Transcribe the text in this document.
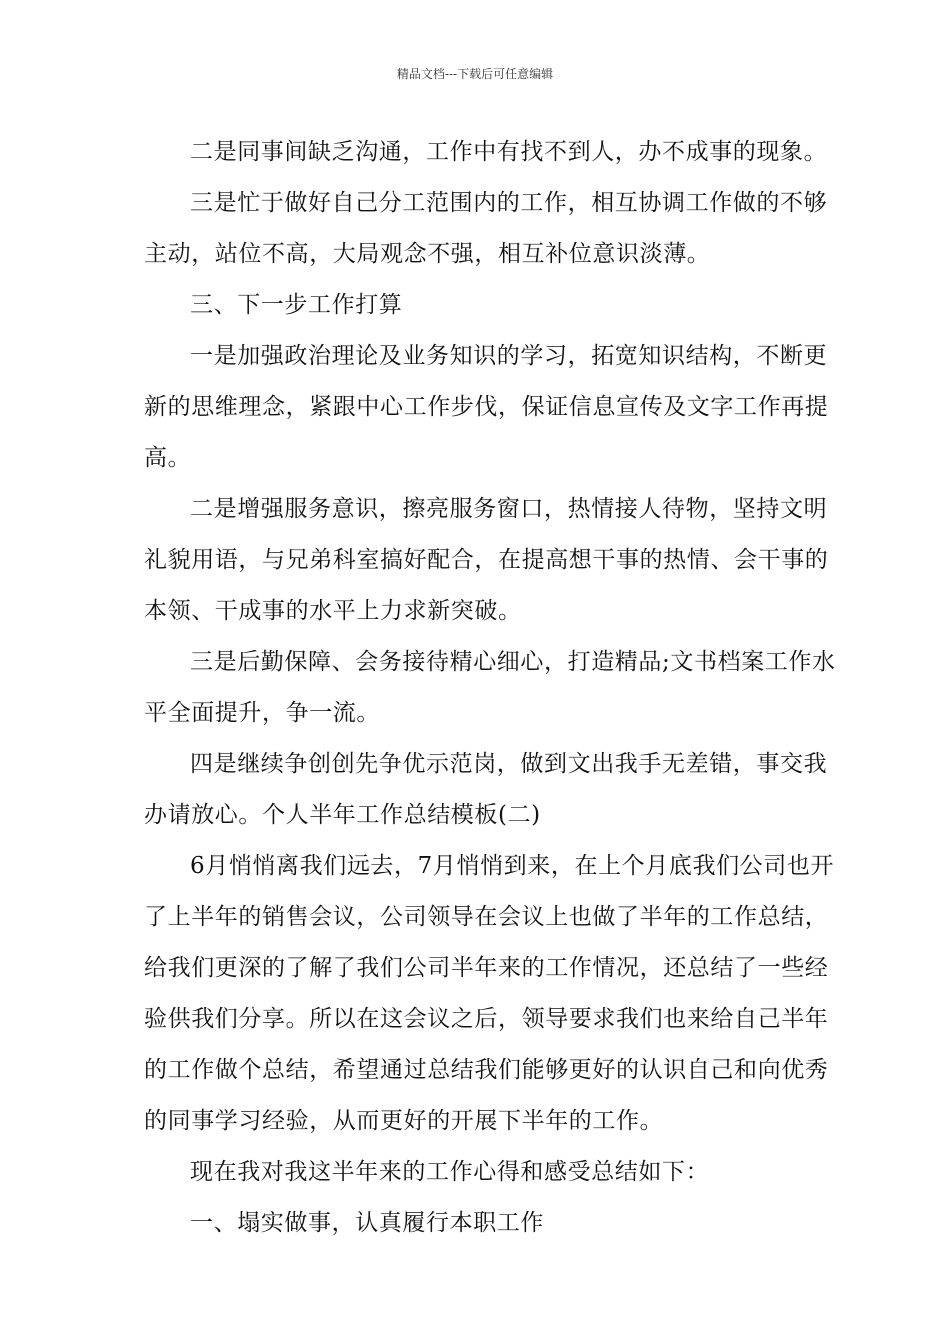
精品文档---下载后可任意编辑
二是同事间缺乏沟通，工作中有找不到人，办不成事的现象。
三是忙于做好自己分工范围内的工作，相互协调工作做的不够
主动，站位不高，大局观念不强，相互补位意识淡薄。
三、下一步工作打算
一是加强政治理论及业务知识的学习，拓宽知识结构，不断更
新的思维理念，紧跟中心工作步伐，保证信息宣传及文字工作再提
高。
二是增强服务意识，擦亮服务窗口，热情接人待物，坚持文明
礼貌用语，与兄弟科室搞好配合，在提高想干事的热情、会干事的
本领、干成事的水平上力求新突破。
三是后勤保障、会务接待精心细心，打造精品;文书档案工作水
平全面提升，争一流。
四是继续争创创先争优示范岗，做到文出我手无差错，事交我
办请放心。个人半年工作总结模板(二)
6月悄悄离我们远去，7月悄悄到来，在上个月底我们公司也开
了上半年的销售会议，公司领导在会议上也做了半年的工作总结，
给我们更深的了解了我们公司半年来的工作情况，还总结了一些经
验供我们分享。所以在这会议之后，领导要求我们也来给自己半年
的工作做个总结，希望通过总结我们能够更好的认识自己和向优秀
的同事学习经验，从而更好的开展下半年的工作。
现在我对我这半年来的工作心得和感受总结如下：
一、塌实做事，认真履行本职工作
